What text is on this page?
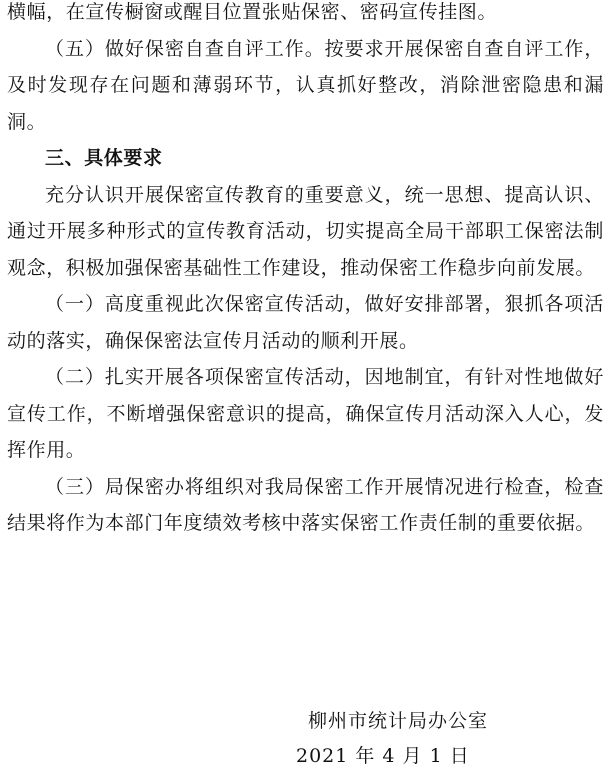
横幅，在宣传橱窗或醒目位置张贴保密、密码宣传挂图。

（五）做好保密自查自评工作。按要求开展保密自查自评工作，及时发现存在问题和薄弱环节，认真抓好整改，消除泄密隐患和漏洞。

三、具体要求

充分认识开展保密宣传教育的重要意义，统一思想、提高认识、通过开展多种形式的宣传教育活动，切实提高全局干部职工保密法制观念，积极加强保密基础性工作建设，推动保密工作稳步向前发展。

（一）高度重视此次保密宣传活动，做好安排部署，狠抓各项活动的落实，确保保密法宣传月活动的顺利开展。

（二）扎实开展各项保密宣传活动，因地制宜，有针对性地做好宣传工作，不断增强保密意识的提高，确保宣传月活动深入人心，发挥作用。

（三）局保密办将组织对我局保密工作开展情况进行检查，检查结果将作为本部门年度绩效考核中落实保密工作责任制的重要依据。

柳州市统计局办公室
2021 年 4 月 1 日
